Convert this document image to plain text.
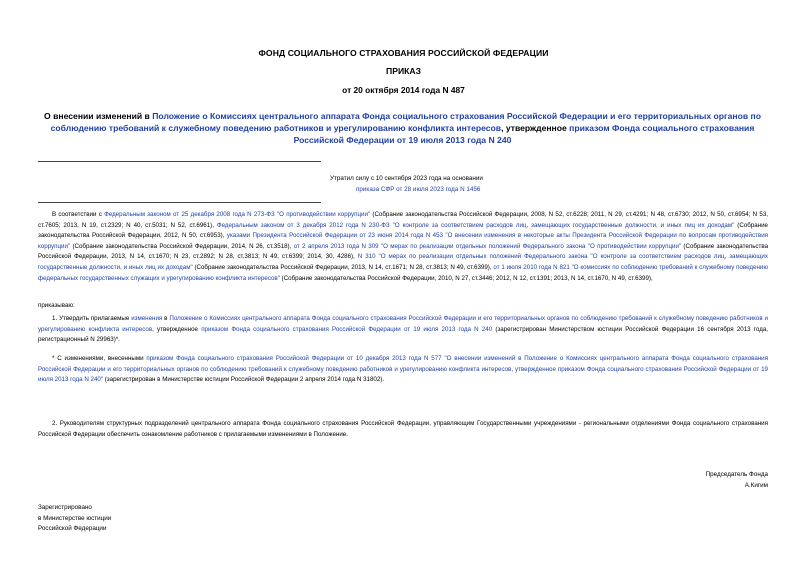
ФОНД СОЦИАЛЬНОГО СТРАХОВАНИЯ РОССИЙСКОЙ ФЕДЕРАЦИИ
ПРИКАЗ
от 20 октября 2014 года N 487
О внесении изменений в Положение о Комиссиях центрального аппарата Фонда социального страхования Российской Федерации и его территориальных органов по соблюдению требований к служебному поведению работников и урегулированию конфликта интересов, утвержденное приказом Фонда социального страхования Российской Федерации от 19 июля 2013 года N 240
Утратил силу с 10 сентября 2023 года на основании
приказа СФР от 28 июля 2023 года N 1456
В соответствии с Федеральным законом от 25 декабря 2008 года N 273-ФЗ "О противодействии коррупции" (Собрание законодательства Российской Федерации, 2008, N 52, ст.6228; 2011, N 29, ст.4291; N 48, ст.6730; 2012, N 50, ст.6954; N 53, ст.7605; 2013, N 19, ст.2329; N 40, ст.5031; N 52, ст.6961), Федеральным законом от 3 декабря 2012 года N 230-ФЗ "О контроле за соответствием расходов лиц, замещающих государственные должности, и иных лиц их доходам" (Собрание законодательства Российской Федерации, 2012, N 50, ст.6953), указами Президента Российской Федерации от 23 июня 2014 года N 453 "О внесении изменения в некоторые акты Президента Российской Федерации по вопросам противодействия коррупции" (Собрание законодательства Российской Федерации, 2014, N 26, ст.3518), от 2 апреля 2013 года N 309 "О мерах по реализации отдельных положений Федерального закона "О противодействии коррупции" (Собрание законодательства Российской Федерации, 2013, N 14, ст.1670; N 23, ст.2892; N 28, ст.3813; N 49, ст.6399; 2014, 30, 4286), N 310 "О мерах по реализации отдельных положений Федерального закона "О контроле за соответствием расходов лиц, замещающих государственные должности, и иных лиц их доходам" (Собрание законодательства Российской Федерации, 2013, N 14, ст.1671; N 28, ст.3813; N 49, ст.6399), от 1 июля 2010 года N 821 "О комиссиях по соблюдению требований к служебному поведению федеральных государственных служащих и урегулированию конфликта интересов" (Собрание законодательства Российской Федерации, 2010, N 27, ст.3446; 2012, N 12, ст.1391; 2013, N 14, ст.1670, N 49, ст.6399),
приказываю:
1. Утвердить прилагаемые изменения в Положение о Комиссиях центрального аппарата Фонда социального страхования Российской Федерации и его территориальных органов по соблюдению требований к служебному поведению работников и урегулированию конфликта интересов, утвержденное приказом Фонда социального страхования Российской Федерации от 19 июля 2013 года N 240 (зарегистрирован Министерством юстиции Российской Федерации 16 сентября 2013 года, регистрационный N 29963)*.
* С изменениями, внесенными приказом Фонда социального страхования Российской Федерации от 10 декабря 2013 года N 577 "О внесении изменений в Положение о Комиссиях центрального аппарата Фонда социального страхования Российской Федерации и его территориальных органов по соблюдению требований к служебному поведению работников и урегулированию конфликта интересов, утвержденное приказом Фонда социального страхования Российской Федерации от 19 июля 2013 года N 240" (зарегистрирован в Министерстве юстиции Российской Федерации 2 апреля 2014 года N 31802).
2. Руководителям структурных подразделений центрального аппарата Фонда социального страхования Российской Федерации, управляющим Государственными учреждениями - региональными отделениями Фонда социального страхования Российской Федерации обеспечить ознакомление работников с прилагаемыми изменениями в Положение.
Председатель Фонда
А.Кигим
Зарегистрировано
в Министерстве юстиции
Российской Федерации
